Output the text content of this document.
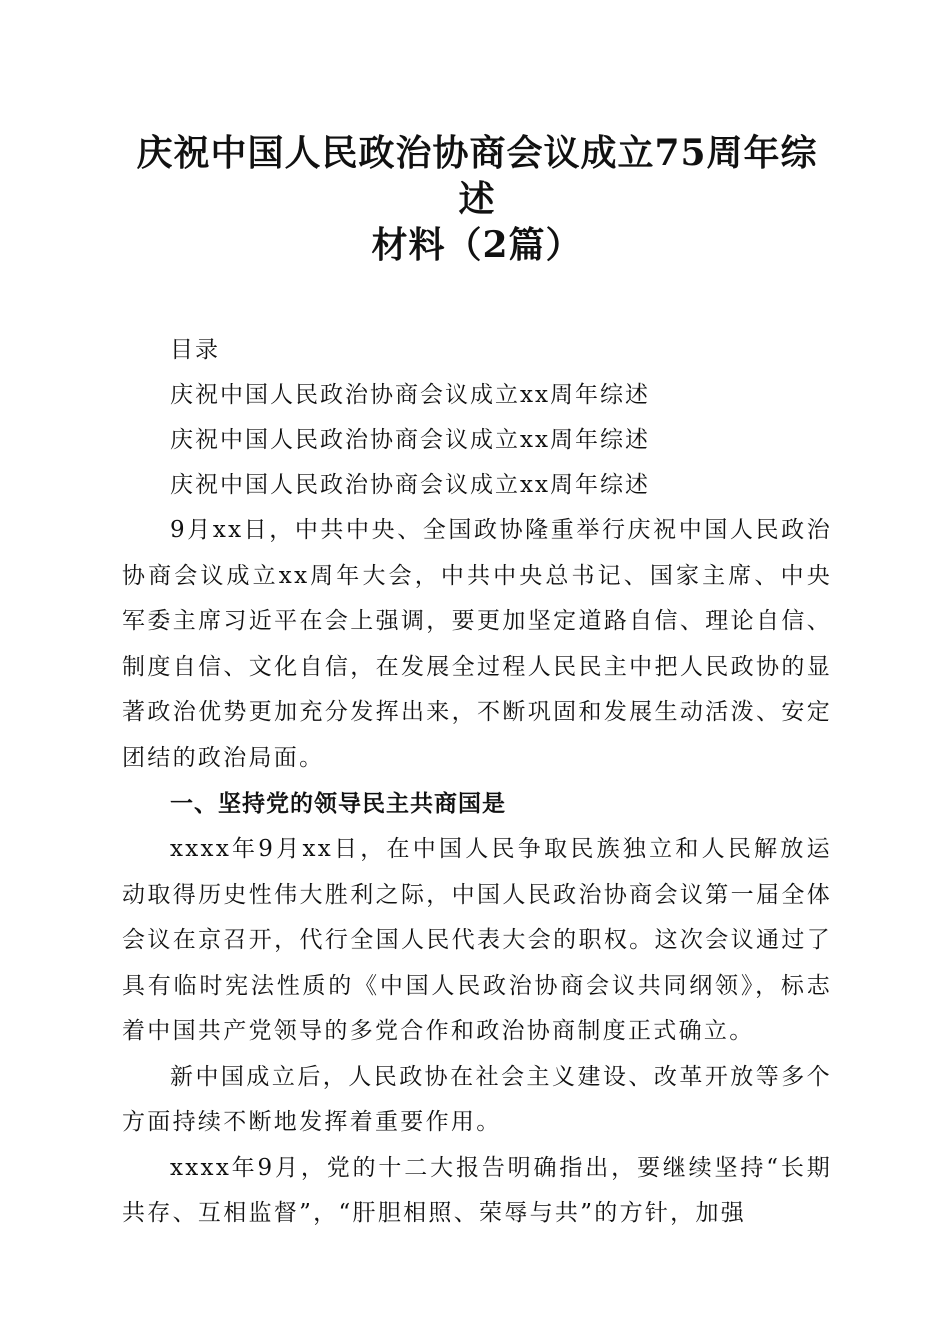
庆祝中国人民政治协商会议成立75周年综述
材料（2篇）
目录
庆祝中国人民政治协商会议成立xx周年综述
庆祝中国人民政治协商会议成立xx周年综述
庆祝中国人民政治协商会议成立xx周年综述

9月xx日，中共中央、全国政协隆重举行庆祝中国人民政治协商会议成立xx周年大会，中共中央总书记、国家主席、中央军委主席习近平在会上强调，要更加坚定道路自信、理论自信、制度自信、文化自信，在发展全过程人民民主中把人民政协的显著政治优势更加充分发挥出来，不断巩固和发展生动活泼、安定团结的政治局面。

一、坚持党的领导民主共商国是

xxxx年9月xx日，在中国人民争取民族独立和人民解放运动取得历史性伟大胜利之际，中国人民政治协商会议第一届全体会议在京召开，代行全国人民代表大会的职权。这次会议通过了具有临时宪法性质的《中国人民政治协商会议共同纲领》，标志着中国共产党领导的多党合作和政治协商制度正式确立。

新中国成立后，人民政协在社会主义建设、改革开放等多个方面持续不断地发挥着重要作用。

xxxx年9月，党的十二大报告明确指出，要继续坚持“长期共存、互相监督”，“肝胆相照、荣辱与共”的方针，加强
